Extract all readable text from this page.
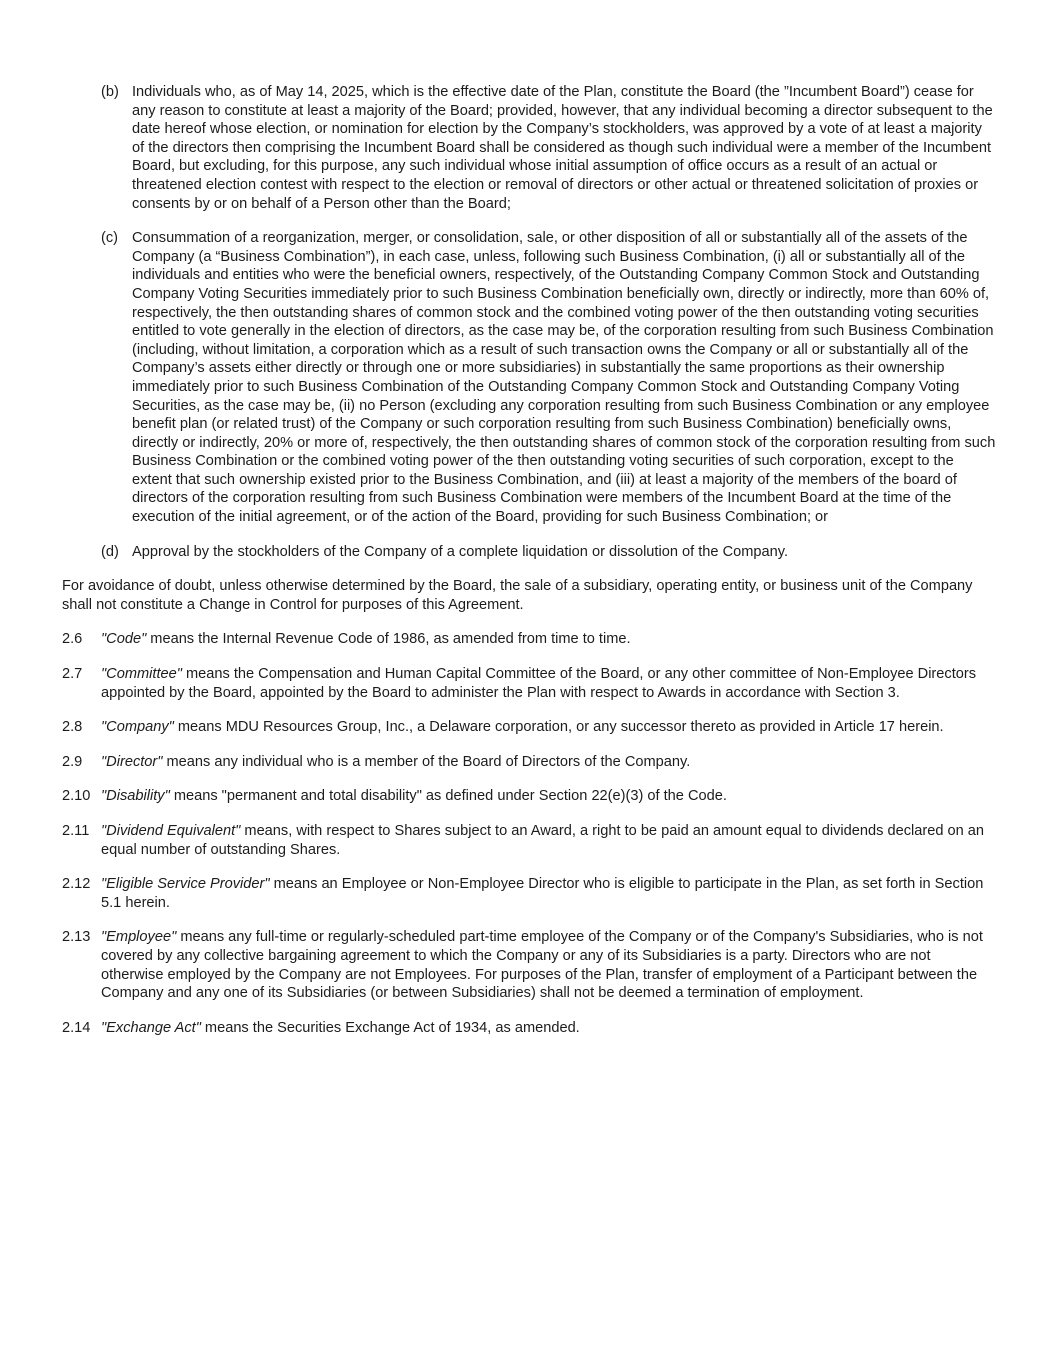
(b) Individuals who, as of May 14, 2025, which is the effective date of the Plan, constitute the Board (the ”Incumbent Board”) cease for any reason to constitute at least a majority of the Board; provided, however, that any individual becoming a director subsequent to the date hereof whose election, or nomination for election by the Company’s stockholders, was approved by a vote of at least a majority of the directors then comprising the Incumbent Board shall be considered as though such individual were a member of the Incumbent Board, but excluding, for this purpose, any such individual whose initial assumption of office occurs as a result of an actual or threatened election contest with respect to the election or removal of directors or other actual or threatened solicitation of proxies or consents by or on behalf of a Person other than the Board;
(c) Consummation of a reorganization, merger, or consolidation, sale, or other disposition of all or substantially all of the assets of the Company (a “Business Combination”), in each case, unless, following such Business Combination, (i) all or substantially all of the individuals and entities who were the beneficial owners, respectively, of the Outstanding Company Common Stock and Outstanding Company Voting Securities immediately prior to such Business Combination beneficially own, directly or indirectly, more than 60% of, respectively, the then outstanding shares of common stock and the combined voting power of the then outstanding voting securities entitled to vote generally in the election of directors, as the case may be, of the corporation resulting from such Business Combination (including, without limitation, a corporation which as a result of such transaction owns the Company or all or substantially all of the Company’s assets either directly or through one or more subsidiaries) in substantially the same proportions as their ownership immediately prior to such Business Combination of the Outstanding Company Common Stock and Outstanding Company Voting Securities, as the case may be, (ii) no Person (excluding any corporation resulting from such Business Combination or any employee benefit plan (or related trust) of the Company or such corporation resulting from such Business Combination) beneficially owns, directly or indirectly, 20% or more of, respectively, the then outstanding shares of common stock of the corporation resulting from such Business Combination or the combined voting power of the then outstanding voting securities of such corporation, except to the extent that such ownership existed prior to the Business Combination, and (iii) at least a majority of the members of the board of directors of the corporation resulting from such Business Combination were members of the Incumbent Board at the time of the execution of the initial agreement, or of the action of the Board, providing for such Business Combination; or
(d) Approval by the stockholders of the Company of a complete liquidation or dissolution of the Company.
For avoidance of doubt, unless otherwise determined by the Board, the sale of a subsidiary, operating entity, or business unit of the Company shall not constitute a Change in Control for purposes of this Agreement.
2.6	"Code" means the Internal Revenue Code of 1986, as amended from time to time.
2.7	"Committee" means the Compensation and Human Capital Committee of the Board, or any other committee of Non-Employee Directors appointed by the Board, appointed by the Board to administer the Plan with respect to Awards in accordance with Section 3.
2.8	"Company" means MDU Resources Group, Inc., a Delaware corporation, or any successor thereto as provided in Article 17 herein.
2.9	"Director" means any individual who is a member of the Board of Directors of the Company.
2.10 "Disability" means "permanent and total disability" as defined under Section 22(e)(3) of the Code.
2.11 "Dividend Equivalent" means, with respect to Shares subject to an Award, a right to be paid an amount equal to dividends declared on an equal number of outstanding Shares.
2.12 "Eligible Service Provider" means an Employee or Non-Employee Director who is eligible to participate in the Plan, as set forth in Section 5.1 herein.
2.13 "Employee" means any full-time or regularly-scheduled part-time employee of the Company or of the Company's Subsidiaries, who is not covered by any collective bargaining agreement to which the Company or any of its Subsidiaries is a party. Directors who are not otherwise employed by the Company are not Employees. For purposes of the Plan, transfer of employment of a Participant between the Company and any one of its Subsidiaries (or between Subsidiaries) shall not be deemed a termination of employment.
2.14 "Exchange Act" means the Securities Exchange Act of 1934, as amended.
